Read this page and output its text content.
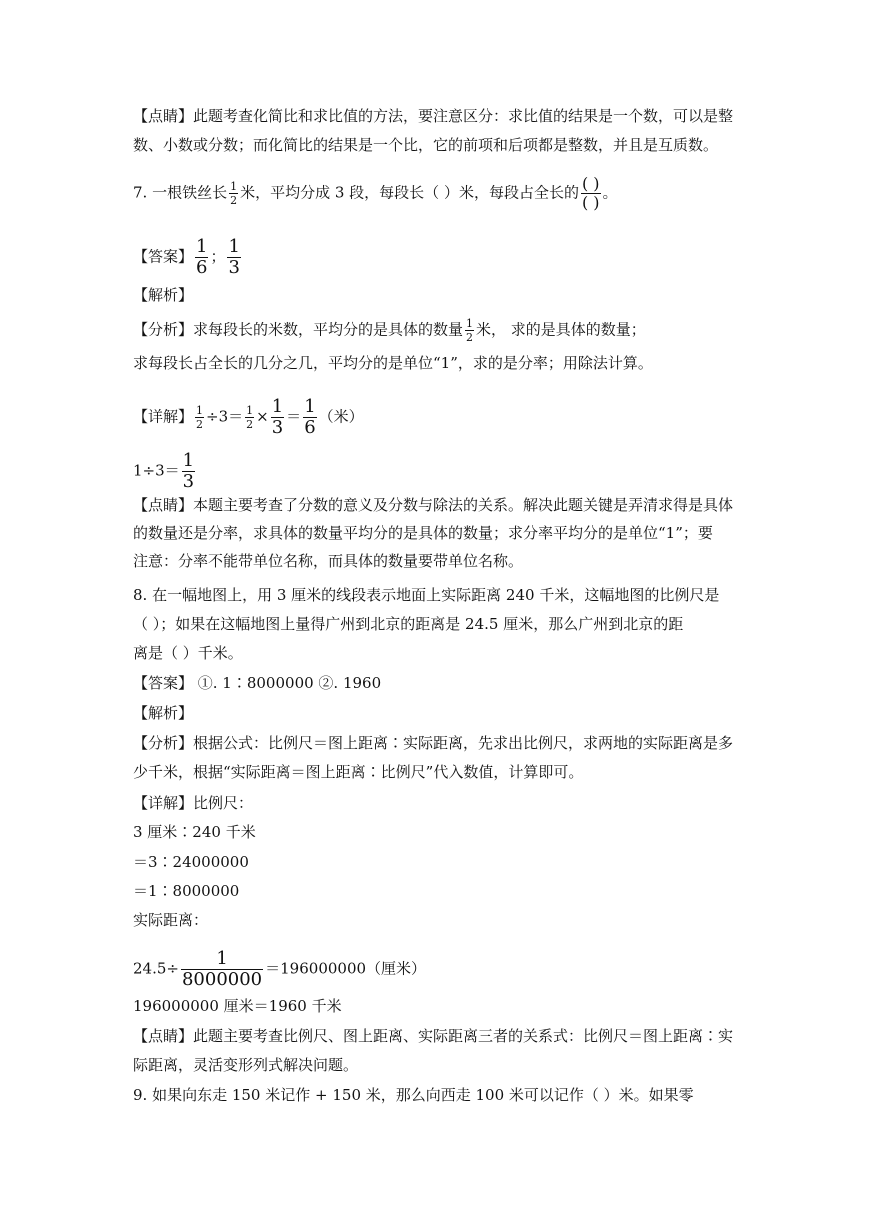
【点睛】此题考查化简比和求比值的方法，要注意区分：求比值的结果是一个数，可以是整
数、小数或分数；而化简比的结果是一个比，它的前项和后项都是整数，并且是互质数。
7. 一根铁丝长 $\frac{1}{2}$ 米，平均分成 3 段，每段长（ ）米，每段占全长的 $\frac{( )}{( )}$ 。
【答案】 $\frac{1}{6}$ ； $\frac{1}{3}$
【解析】
【分析】求每段长的米数，平均分的是具体的数量 $\frac{1}{2}$ 米， 求的是具体的数量；
求每段长占全长的几分之几，平均分的是单位“1”，求的是分率；用除法计算。
【详解】 $\frac{1}{2} \div 3= \frac{1}{2} \times \frac{1}{3} = \frac{1}{6}$ （米）
$1\div 3= \frac{1}{3}$
【点睛】本题主要考查了分数的意义及分数与除法的关系。解决此题关键是弄清求得是具体
的数量还是分率，求具体的数量平均分的是具体的数量；求分率平均分的是单位“1”；要
注意：分率不能带单位名称，而具体的数量要带单位名称。
8. 在一幅地图上，用 3 厘米的线段表示地面上实际距离 240 千米，这幅地图的比例尺是
（ ）；如果在这幅地图上量得广州到北京的距离是 24.5 厘米，那么广州到北京的距
离是（ ）千米。
【答案】 ①. 1∶8000000 ②. 1960
【解析】
【分析】根据公式：比例尺＝图上距离∶实际距离，先求出比例尺，求两地的实际距离是多
少千米，根据“实际距离＝图上距离∶比例尺”代入数值，计算即可。
【详解】比例尺：
3 厘米∶240 千米
＝3∶24000000
＝1∶8000000
实际距离：
$24.5\div \frac{1}{8000000} =196000000$（厘米）
196000000 厘米＝1960 千米
【点睛】此题主要考查比例尺、图上距离、实际距离三者的关系式：比例尺＝图上距离∶实
际距离，灵活变形列式解决问题。
9. 如果向东走 150 米记作 + 150 米，那么向西走 100 米可以记作（ ）米。如果零
